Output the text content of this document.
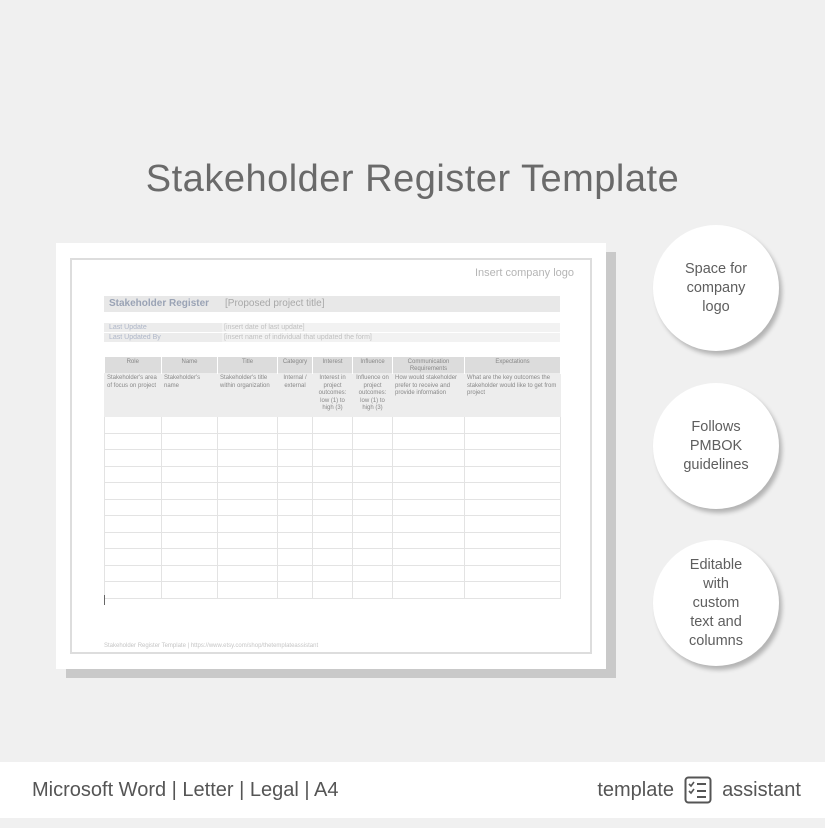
Stakeholder Register Template
Insert company logo
Stakeholder Register [Proposed project title]
Last Update	[insert date of last update]
Last Updated By	[insert name of individual that updated the form]
Role	Name	Title	Category	Interest	Influence	Communication Requirements	Expectations
Stakeholder's area of focus on project	Stakeholder's name	Stakeholder's title within organization	Internal / external	Interest in project outcomes: low (1) to high (3)	Influence on project outcomes: low (1) to high (3)	How would stakeholder prefer to receive and provide information	What are the key outcomes the stakeholder would like to get from project

Stakeholder Register Template | https://www.etsy.com/shop/thetemplateassistant
Space for
company
logo
Follows
PMBOK
guidelines
Editable
with
custom
text and
columns
Microsoft Word | Letter | Legal | A4	template assistant
